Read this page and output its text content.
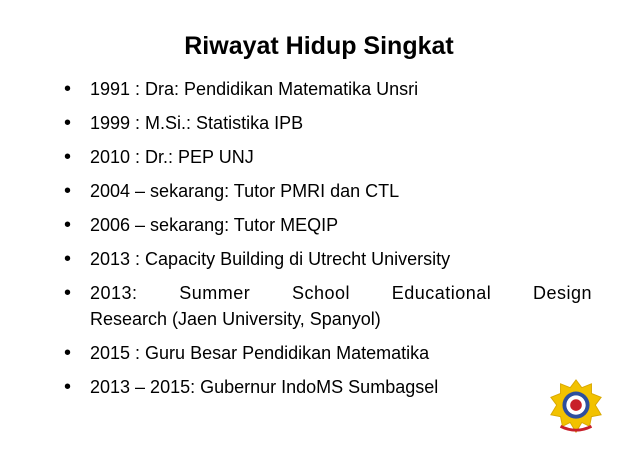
Riwayat Hidup Singkat
• 1991 : Dra: Pendidikan Matematika Unsri
• 1999 : M.Si.: Statistika IPB
• 2010 : Dr.: PEP UNJ
• 2004 – sekarang: Tutor PMRI dan CTL
• 2006 – sekarang: Tutor MEQIP
• 2013 : Capacity Building di Utrecht University
• 2013: Summer School Educational Design
Research (Jaen University, Spanyol)
• 2015 : Guru Besar Pendidikan Matematika
• 2013 – 2015: Gubernur IndoMS Sumbagsel
